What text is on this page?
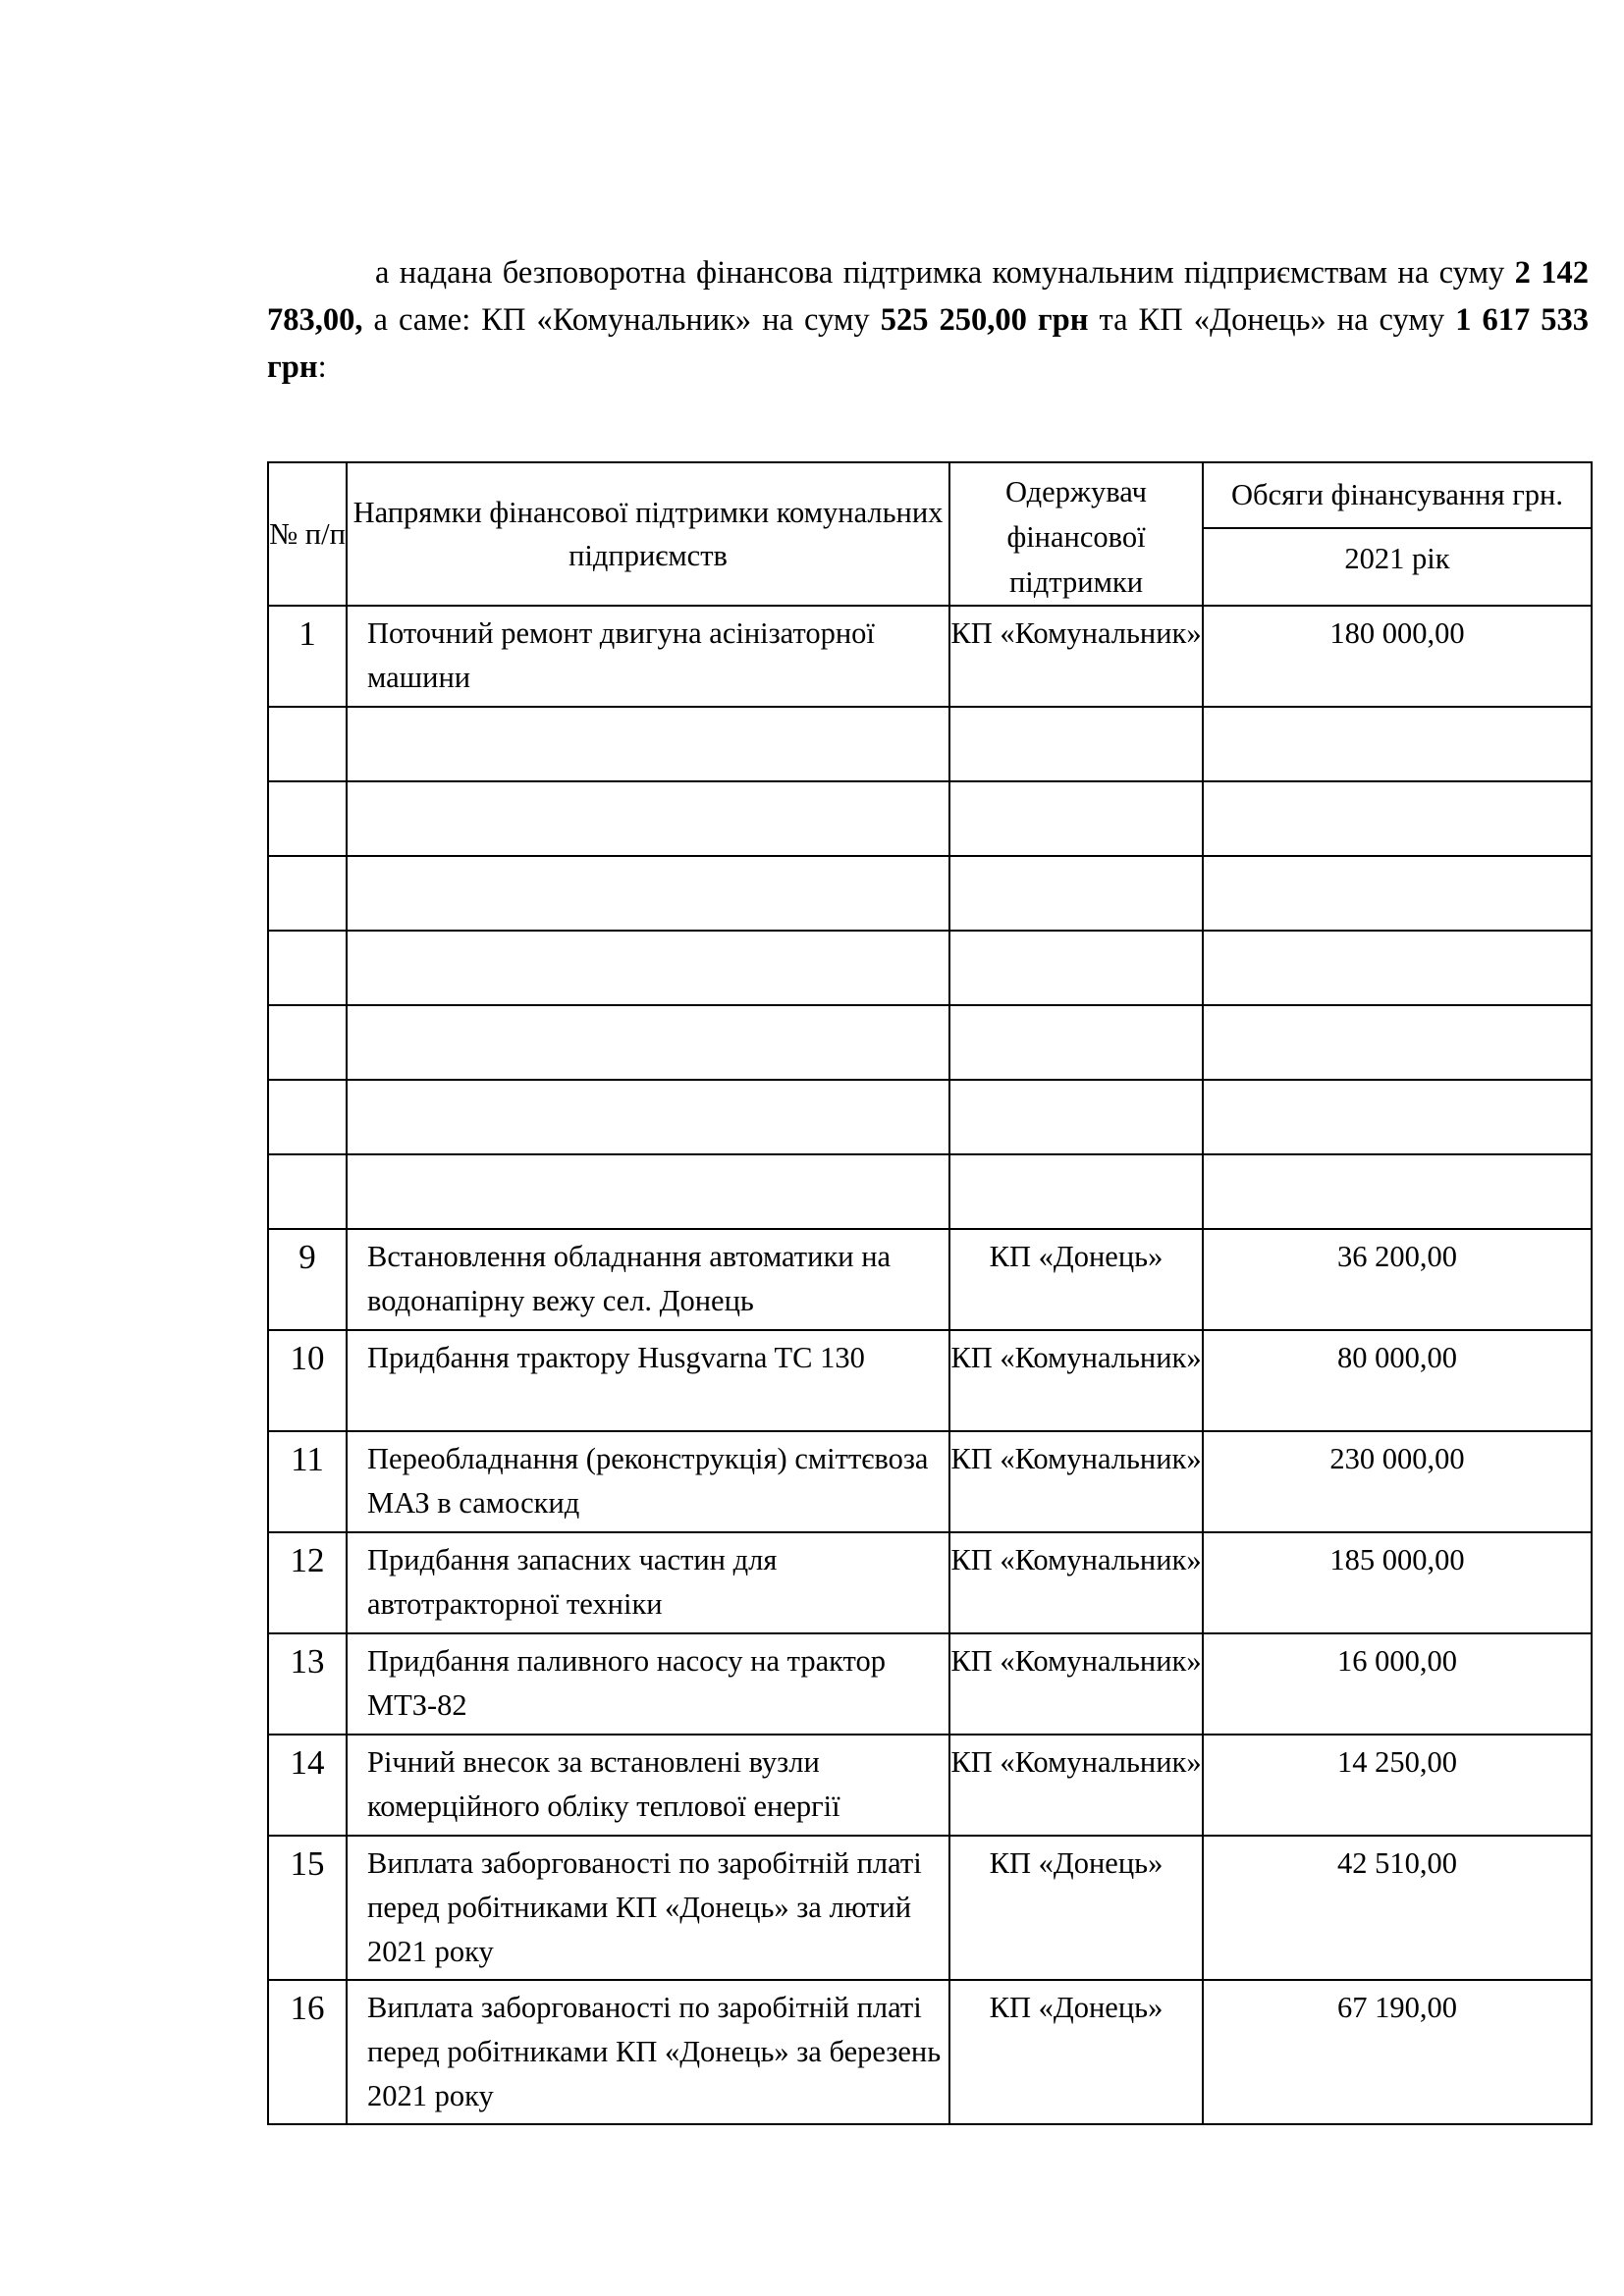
а надана безповоротна фінансова підтримка комунальним підприємствам на суму 2 142 783,00, а саме: КП «Комунальник» на суму 525 250,00 грн та КП «Донець» на суму 1 617 533 грн:

№ п/п	Напрямки фінансової підтримки комунальних підприємств	Одержувач фінансової підтримки	Обсяги фінансування грн.
			2021 рік
1	Поточний ремонт двигуна асінізаторної машини	КП «Комунальник»	180 000,00

9	Встановлення обладнання автоматики на водонапірну вежу сел. Донець	КП «Донець»	36 200,00
10	Придбання трактору Husgvarna TC 130	КП «Комунальник»	80 000,00
11	Переобладнання (реконструкція) сміттєвоза МАЗ в самоскид	КП «Комунальник»	230 000,00
12	Придбання запасних частин для автотракторної техніки	КП «Комунальник»	185 000,00
13	Придбання паливного насосу на трактор МТЗ-82	КП «Комунальник»	16 000,00
14	Річний внесок за встановлені вузли комерційного обліку теплової енергії	КП «Комунальник»	14 250,00
15	Виплата заборгованості по заробітній платі перед робітниками КП «Донець» за лютий 2021 року	КП «Донець»	42 510,00
16	Виплата заборгованості по заробітній платі перед робітниками КП «Донець» за березень 2021 року	КП «Донець»	67 190,00
